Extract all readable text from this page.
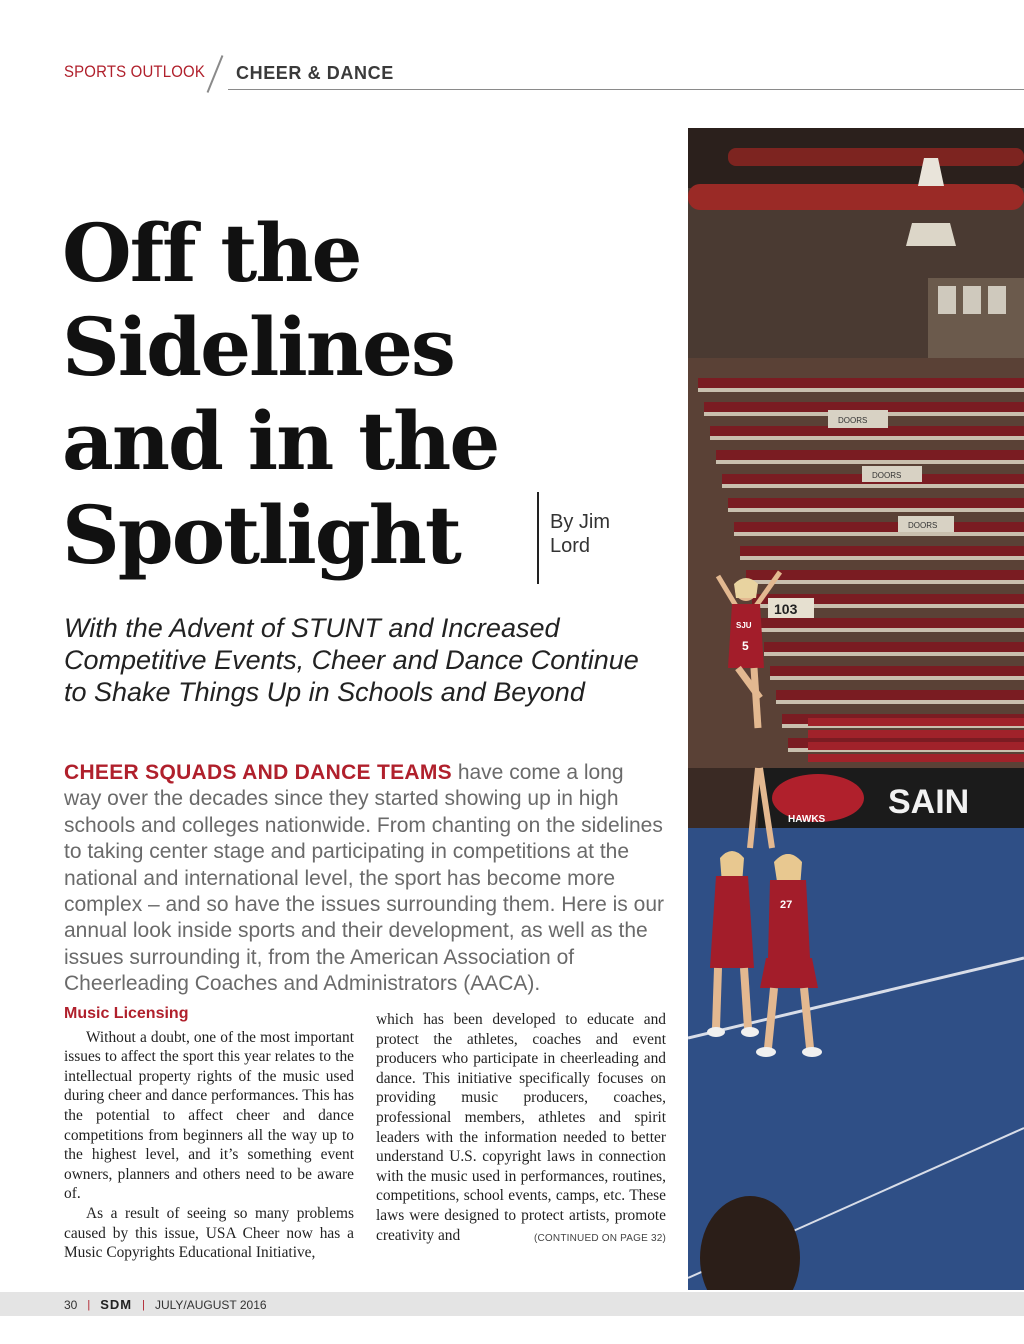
SPORTS OUTLOOK CHEER & DANCE
Off the
Sidelines
and in the
Spotlight	By Jim
Lord

With the Advent of STUNT and Increased Competitive Events, Cheer and Dance Continue to Shake Things Up in Schools and Beyond

CHEER SQUADS AND DANCE TEAMS have come a long way over the decades since they started showing up in high schools and colleges nationwide. From chanting on the sidelines to taking center stage and participating in competitions at the national and international level, the sport has become more complex – and so have the issues surrounding them. Here is our annual look inside sports and their development, as well as the issues surrounding it, from the American Association of Cheerleading Coaches and Administrators (AACA).

Music Licensing

Without a doubt, one of the most important issues to affect the sport this year relates to the intellectual property rights of the music used during cheer and dance performances. This has the potential to affect cheer and dance competitions from beginners all the way up to the highest level, and it’s something event owners, planners and others need to be aware of.

As a result of seeing so many problems caused by this issue, USA Cheer now has a Music Copyrights Educational Initiative,

which has been developed to educate and protect the athletes, coaches and event producers who participate in cheerleading and dance. This initiative specifically focuses on providing music producers, coaches, professional members, athletes and spirit leaders with the information needed to better understand U.S. copyright laws in connection with the music used in performances, routines, competitions, school events, camps, etc. These laws were designed to protect artists, promote creativity and	(CONTINUED ON PAGE 32)

DOORS
DOORS
DOORS
103
HAWKS SAIN
SJU
5
27
30 | SDM | JULY/AUGUST 2016
